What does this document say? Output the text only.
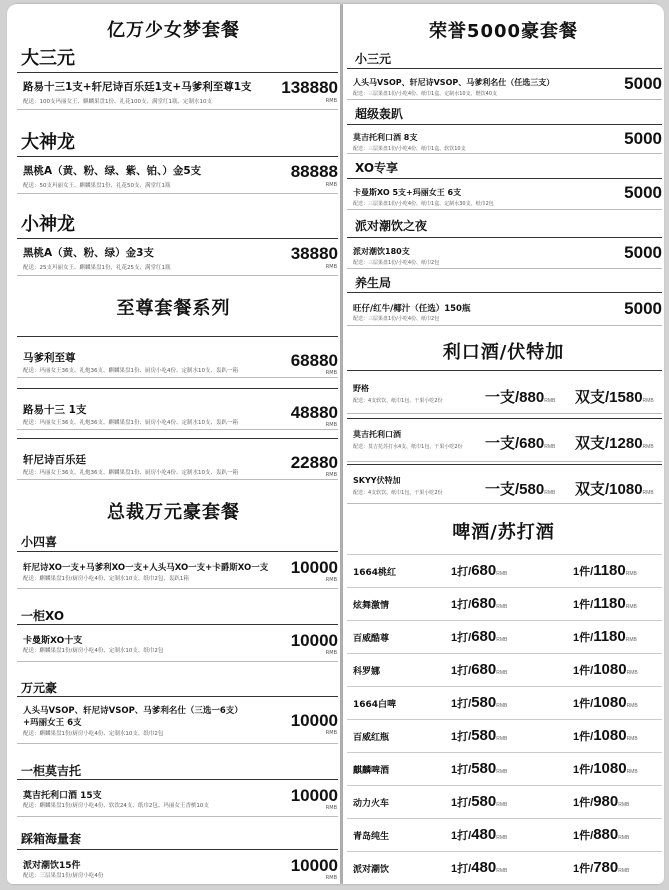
亿万少女梦套餐
大三元
路易十三1支+轩尼诗百乐廷1支+马爹利至尊1支
配送：100支玛丽女王、麒麟果盘1份、礼花100支、满堂红1瓶、定制水10支
138880
RMB
大神龙
黑桃A（黄、粉、绿、紫、铂、）金5支
配送：50支玛丽女王、麒麟果盘1份、礼花50支、满堂红1瓶
88888
RMB
小神龙
黑桃A（黄、粉、绿）金3支
配送：25支玛丽女王、麒麟果盘1份、礼花25支、满堂红1瓶
38880
RMB
至尊套餐系列
马爹利至尊
配送：玛丽女王36支、礼炮36支、麒麟果盘1份、厨房小吃4份、定制水10支、轰趴一箱
68880
RMB
路易十三 1支
配送：玛丽女王36支、礼炮36支、麒麟果盘1份、厨房小吃4份、定制水10支、轰趴一箱
48880
RMB
轩尼诗百乐廷
配送：玛丽女王36支、礼炮36支、麒麟果盘1份、厨房小吃4份、定制水10支、轰趴一箱
22880
RMB
总裁万元豪套餐
小四喜
轩尼诗XO一支+马爹利XO一支+人头马XO一支+卡爵斯XO一支
配送：麒麟果盘1份/厨房小吃4份、定制水10支、纸巾2包、轰趴1箱
10000
RMB
一柜XO
卡曼斯XO十支
配送：麒麟果盘1份/厨房小吃4份、定制水10支、纸巾2包
10000
RMB
万元豪
人头马VSOP、轩尼诗VSOP、马爹利名仕（三选一6支）
+玛丽女王 6支
配送：麒麟果盘1份/厨房小吃4份、定制水10支、纸巾2包
10000
RMB
一柜莫吉托
莫吉托利口酒 15支
配送：麒麟果盘1份/厨房小吃4份、软饮24支、纸巾2包、玛丽女王香槟10支
10000
RMB
踩箱海量套
派对潮饮15件
配送：三层果盘1份/厨房小吃4份
10000
RMB
荣誉5000豪套餐
小三元
人头马VSOP、轩尼诗VSOP、马爹利名仕（任选三支）
配送：三层果盘1份/小吃4份、纸巾1盒、定制水10支、燃饮40支
5000
超级轰趴
莫吉托利口酒 8支
配送：三层果盘1份/小吃4份、纸巾1盒、软饮10支
5000
XO专享
卡曼斯XO 5支+玛丽女王 6支
配送：三层果盘1份/小吃4份、纸巾1盒、定制水30支、纸巾2包
5000
派对潮饮之夜
派对潮饮180支
配送：三层果盘1份/小吃4份、纸巾2包
5000
养生局
旺仔/红牛/椰汁（任选）150瓶
配送：三层果盘1份/小吃4份、纸巾2包
5000
利口酒/伏特加
野格
配送：4支软饮、纸巾1包、干果小吃2份	一支/880RMB 双支/1580RMB
莫吉托利口酒
配送：莫吉托苏打水4支、纸巾1包、干果小吃2份 一支/680RMB 双支/1280RMB
SKYY伏特加
配送：4支软饮、纸巾1包、干果小吃2份	一支/580RMB 双支/1080RMB
啤酒/苏打酒
1664桃红	1打/680RMB	1件/1180RMB
炫舞激情	1打/680RMB	1件/1180RMB
百威酷尊	1打/680RMB	1件/1180RMB
科罗娜	1打/680RMB	1件/1080RMB
1664白啤	1打/580RMB	1件/1080RMB
百威红瓶	1打/580RMB	1件/1080RMB
麒麟啤酒	1打/580RMB	1件/1080RMB
动力火车	1打/580RMB	1件/980RMB
青岛纯生	1打/480RMB	1件/880RMB
派对潮饮	1打/480RMB	1件/780RMB
